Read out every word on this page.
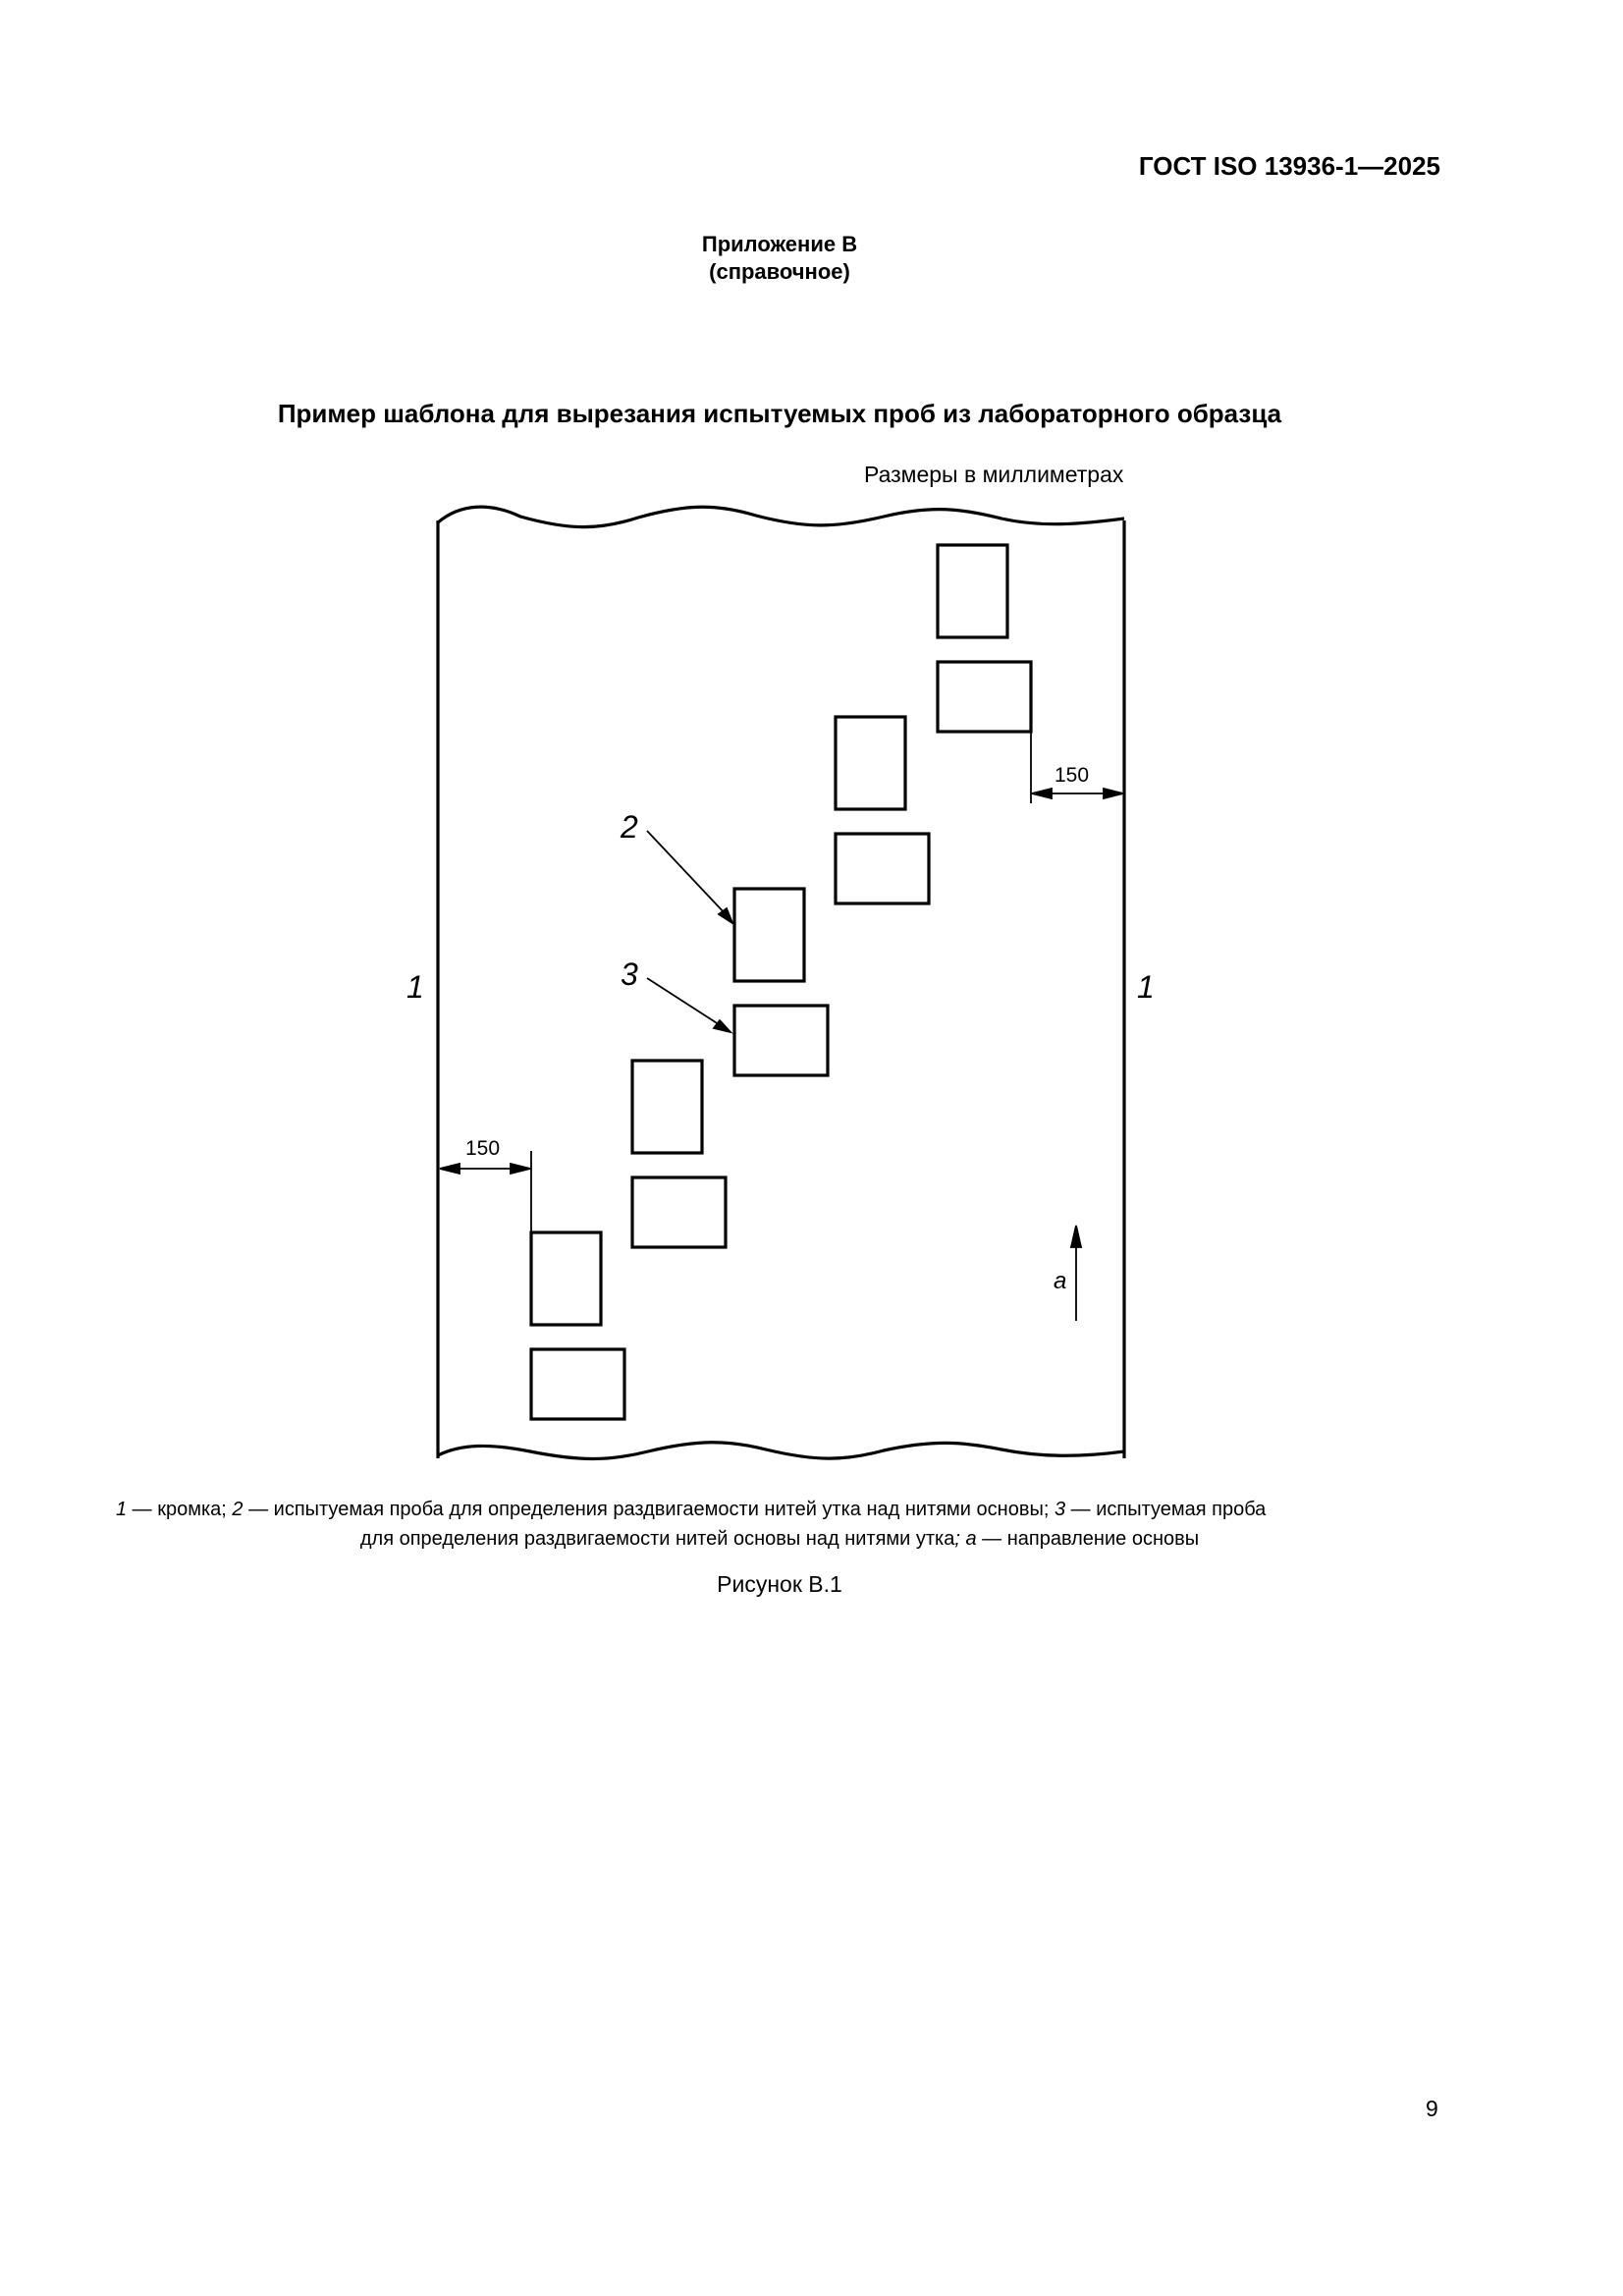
ГОСТ ISO 13936-1—2025
Приложение В
(справочное)
Пример шаблона для вырезания испытуемых проб из лабораторного образца
Размеры в миллиметрах
1	1
2
3
а
150
150
1 — кромка; 2 — испытуемая проба для определения раздвигаемости нитей утка над нитями основы; 3 — испытуемая проба
для определения раздвигаемости нитей основы над нитями утка; а — направление основы
Рисунок В.1
9
